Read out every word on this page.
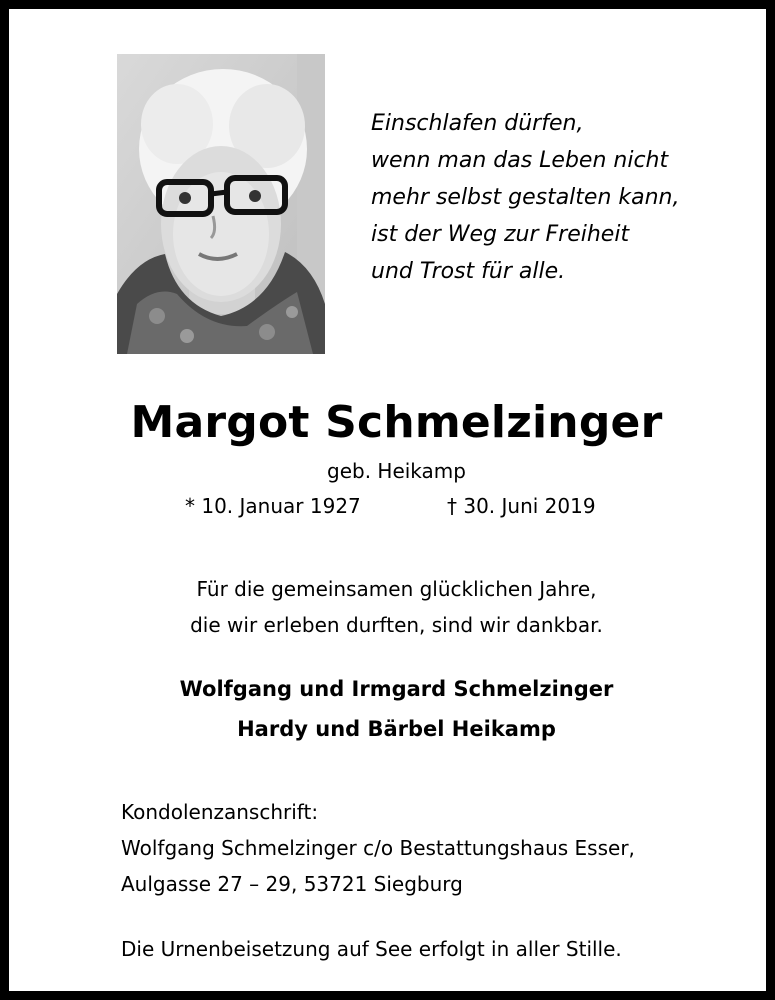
Einschlafen dürfen,
wenn man das Leben nicht
mehr selbst gestalten kann,
ist der Weg zur Freiheit
und Trost für alle.
Margot Schmelzinger
geb. Heikamp
* 10. Januar 1927	† 30. Juni 2019
Für die gemeinsamen glücklichen Jahre,
die wir erleben durften, sind wir dankbar.
Wolfgang und Irmgard Schmelzinger
Hardy und Bärbel Heikamp
Kondolenzanschrift:
Wolfgang Schmelzinger c/o Bestattungshaus Esser,
Aulgasse 27 – 29, 53721 Siegburg
Die Urnenbeisetzung auf See erfolgt in aller Stille.
